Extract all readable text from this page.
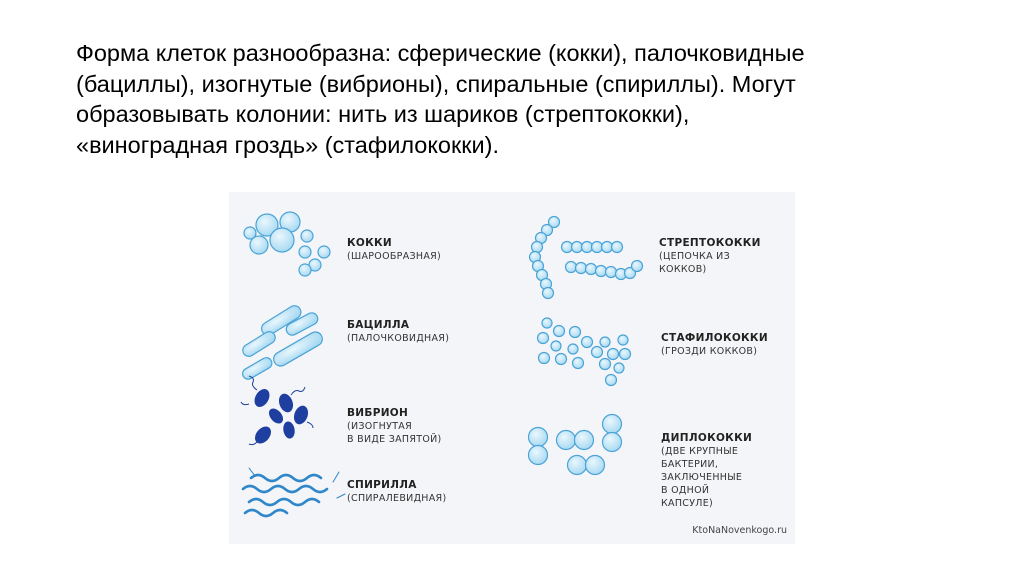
Форма клеток разнообразна: сферические (кокки), палочковидные
(бациллы), изогнутые (вибрионы), спиральные (спириллы). Могут
образовывать колонии: нить из шариков (стрептококки),
«виноградная гроздь» (стафилококки).
КОККИ
(ШАРООБРАЗНАЯ)
БАЦИЛЛА
(ПАЛОЧКОВИДНАЯ)
ВИБРИОН
(ИЗОГНУТАЯ
В ВИДЕ ЗАПЯТОЙ)
СПИРИЛЛА
(СПИРАЛЕВИДНАЯ)
СТРЕПТОКОККИ
(ЦЕПОЧКА ИЗ
КОККОВ)
СТАФИЛОКОККИ
(ГРОЗДИ КОККОВ)
ДИПЛОКОККИ
(ДВЕ КРУПНЫЕ
БАКТЕРИИ,
ЗАКЛЮЧЕННЫЕ
В ОДНОЙ
КАПСУЛЕ)
KtoNaNovenkogo.ru
